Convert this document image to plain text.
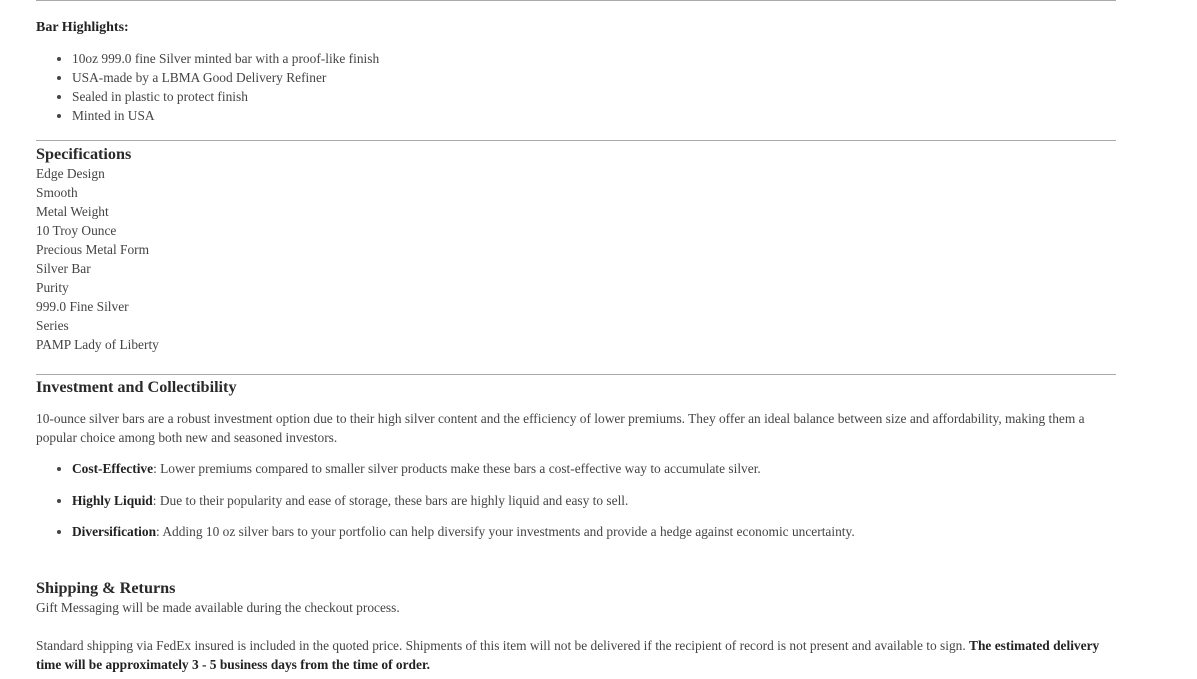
Bar Highlights:

• 10oz 999.0 fine Silver minted bar with a proof-like finish
• USA-made by a LBMA Good Delivery Refiner
• Sealed in plastic to protect finish
• Minted in USA

Specifications

Edge Design

Smooth

Metal Weight

10 Troy Ounce

Precious Metal Form

Silver Bar

Purity

999.0 Fine Silver

Series

PAMP Lady of Liberty

Investment and Collectibility

10-ounce silver bars are a robust investment option due to their high silver content and the efficiency of lower premiums. They offer an ideal balance between size and affordability, making them a popular choice among both new and seasoned investors.

• Cost-Effective: Lower premiums compared to smaller silver products make these bars a cost-effective way to accumulate silver.
• Highly Liquid: Due to their popularity and ease of storage, these bars are highly liquid and easy to sell.
• Diversification: Adding 10 oz silver bars to your portfolio can help diversify your investments and provide a hedge against economic uncertainty.

Shipping & Returns

Gift Messaging will be made available during the checkout process.

Standard shipping via FedEx insured is included in the quoted price. Shipments of this item will not be delivered if the recipient of record is not present and available to sign. The estimated delivery time will be approximately 3 - 5 business days from the time of order.
